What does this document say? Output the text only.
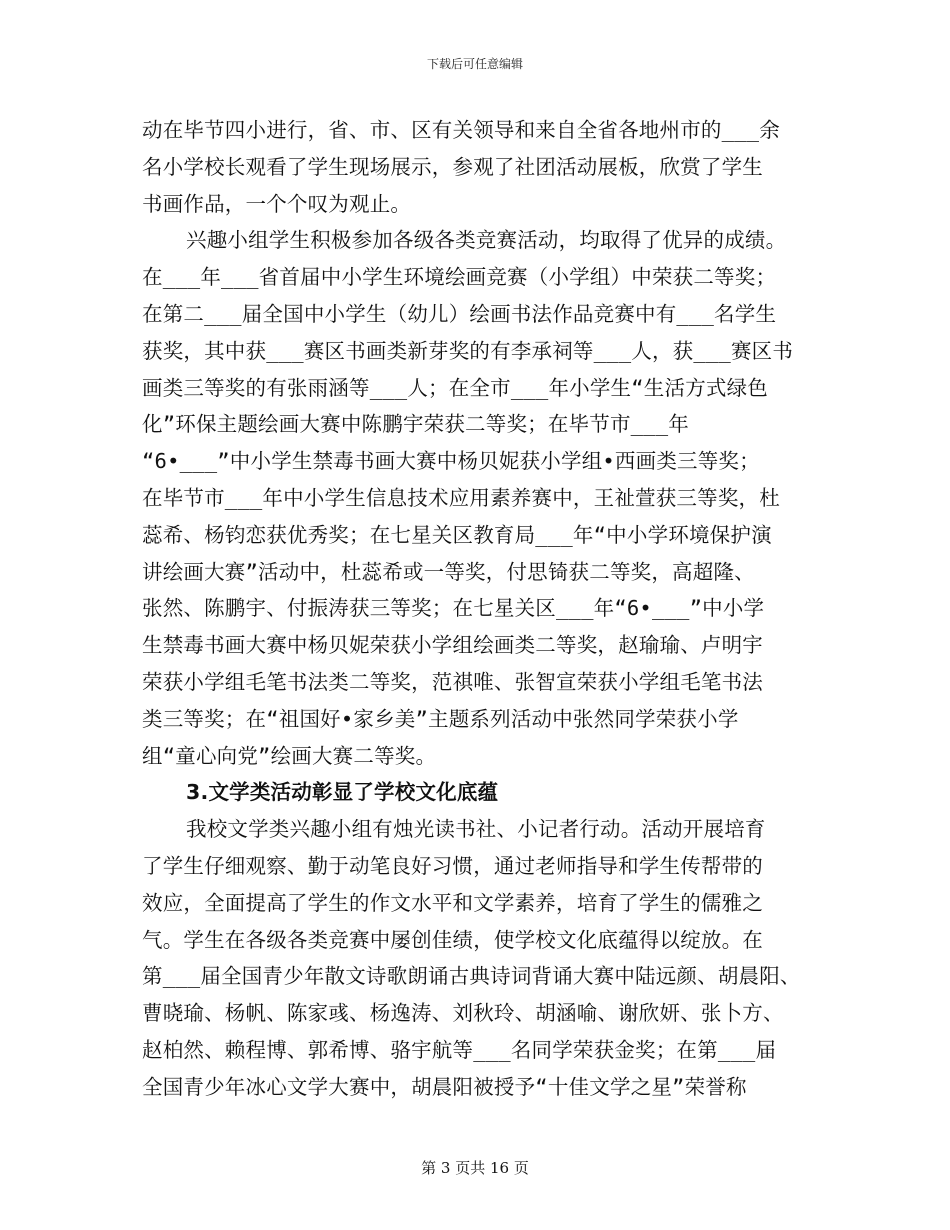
下载后可任意编辑
动在毕节四小进行，省、市、区有关领导和来自全省各地州市的___余
名小学校长观看了学生现场展示，参观了社团活动展板，欣赏了学生
书画作品，一个个叹为观止。
兴趣小组学生积极参加各级各类竞赛活动，均取得了优异的成绩。
在___年___省首届中小学生环境绘画竞赛（小学组）中荣获二等奖；
在第二___届全国中小学生（幼儿）绘画书法作品竞赛中有___名学生
获奖，其中获___赛区书画类新芽奖的有李承祠等___人，获___赛区书
画类三等奖的有张雨涵等___人；在全市___年小学生“生活方式绿色
化”环保主题绘画大赛中陈鹏宇荣获二等奖；在毕节市___年
“6•___”中小学生禁毒书画大赛中杨贝妮获小学组•西画类三等奖；
在毕节市___年中小学生信息技术应用素养赛中，王祉萱获三等奖，杜
蕊希、杨钧恋获优秀奖；在七星关区教育局___年“中小学环境保护演
讲绘画大赛”活动中，杜蕊希或一等奖，付思锜获二等奖，高超隆、
张然、陈鹏宇、付振涛获三等奖；在七星关区___年“6•___”中小学
生禁毒书画大赛中杨贝妮荣获小学组绘画类二等奖，赵瑜瑜、卢明宇
荣获小学组毛笔书法类二等奖，范祺唯、张智宣荣获小学组毛笔书法
类三等奖；在“祖国好•家乡美”主题系列活动中张然同学荣获小学
组“童心向党”绘画大赛二等奖。
3.文学类活动彰显了学校文化底蕴
我校文学类兴趣小组有烛光读书社、小记者行动。活动开展培育
了学生仔细观察、勤于动笔良好习惯，通过老师指导和学生传帮带的
效应，全面提高了学生的作文水平和文学素养，培育了学生的儒雅之
气。学生在各级各类竞赛中屡创佳绩，使学校文化底蕴得以绽放。在
第___届全国青少年散文诗歌朗诵古典诗词背诵大赛中陆远颜、胡晨阳、
曹晓瑜、杨帆、陈家彧、杨逸涛、刘秋玲、胡涵喻、谢欣妍、张卜方、
赵柏然、赖程博、郭希博、骆宇航等___名同学荣获金奖；在第___届
全国青少年冰心文学大赛中，胡晨阳被授予“十佳文学之星”荣誉称
第 3 页共 16 页
